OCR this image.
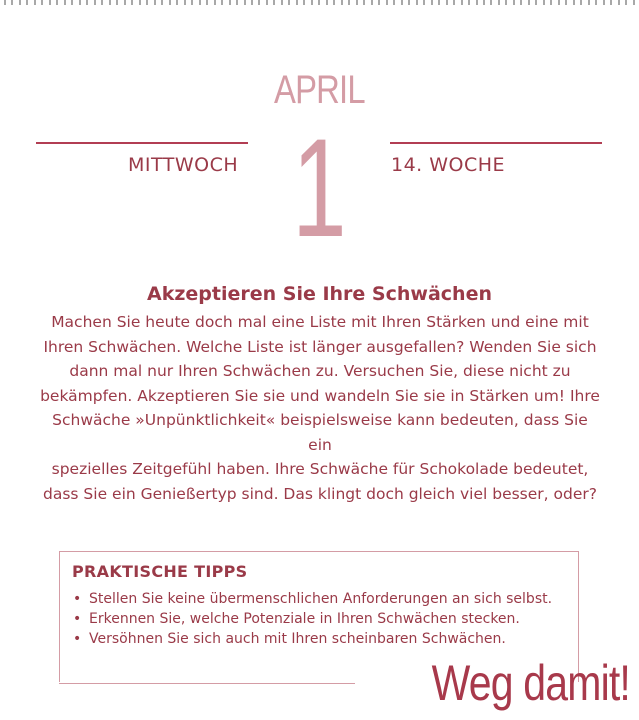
APRIL
MITTWOCH 1	14. WOCHE
Akzeptieren Sie Ihre Schwächen
Machen Sie heute doch mal eine Liste mit Ihren Stärken und eine mit
Ihren Schwächen. Welche Liste ist länger ausgefallen? Wenden Sie sich
dann mal nur Ihren Schwächen zu. Versuchen Sie, diese nicht zu
bekämpfen. Akzeptieren Sie sie und wandeln Sie sie in Stärken um! Ihre
Schwäche »Unpünktlichkeit« beispielsweise kann bedeuten, dass Sie ein
spezielles Zeitgefühl haben. Ihre Schwäche für Schokolade bedeutet,
dass Sie ein Genießertyp sind. Das klingt doch gleich viel besser, oder?
PRAKTISCHE TIPPS
• Stellen Sie keine übermenschlichen Anforderungen an sich selbst.
• Erkennen Sie, welche Potenziale in Ihren Schwächen stecken.
• Versöhnen Sie sich auch mit Ihren scheinbaren Schwächen.
Weg damit!
